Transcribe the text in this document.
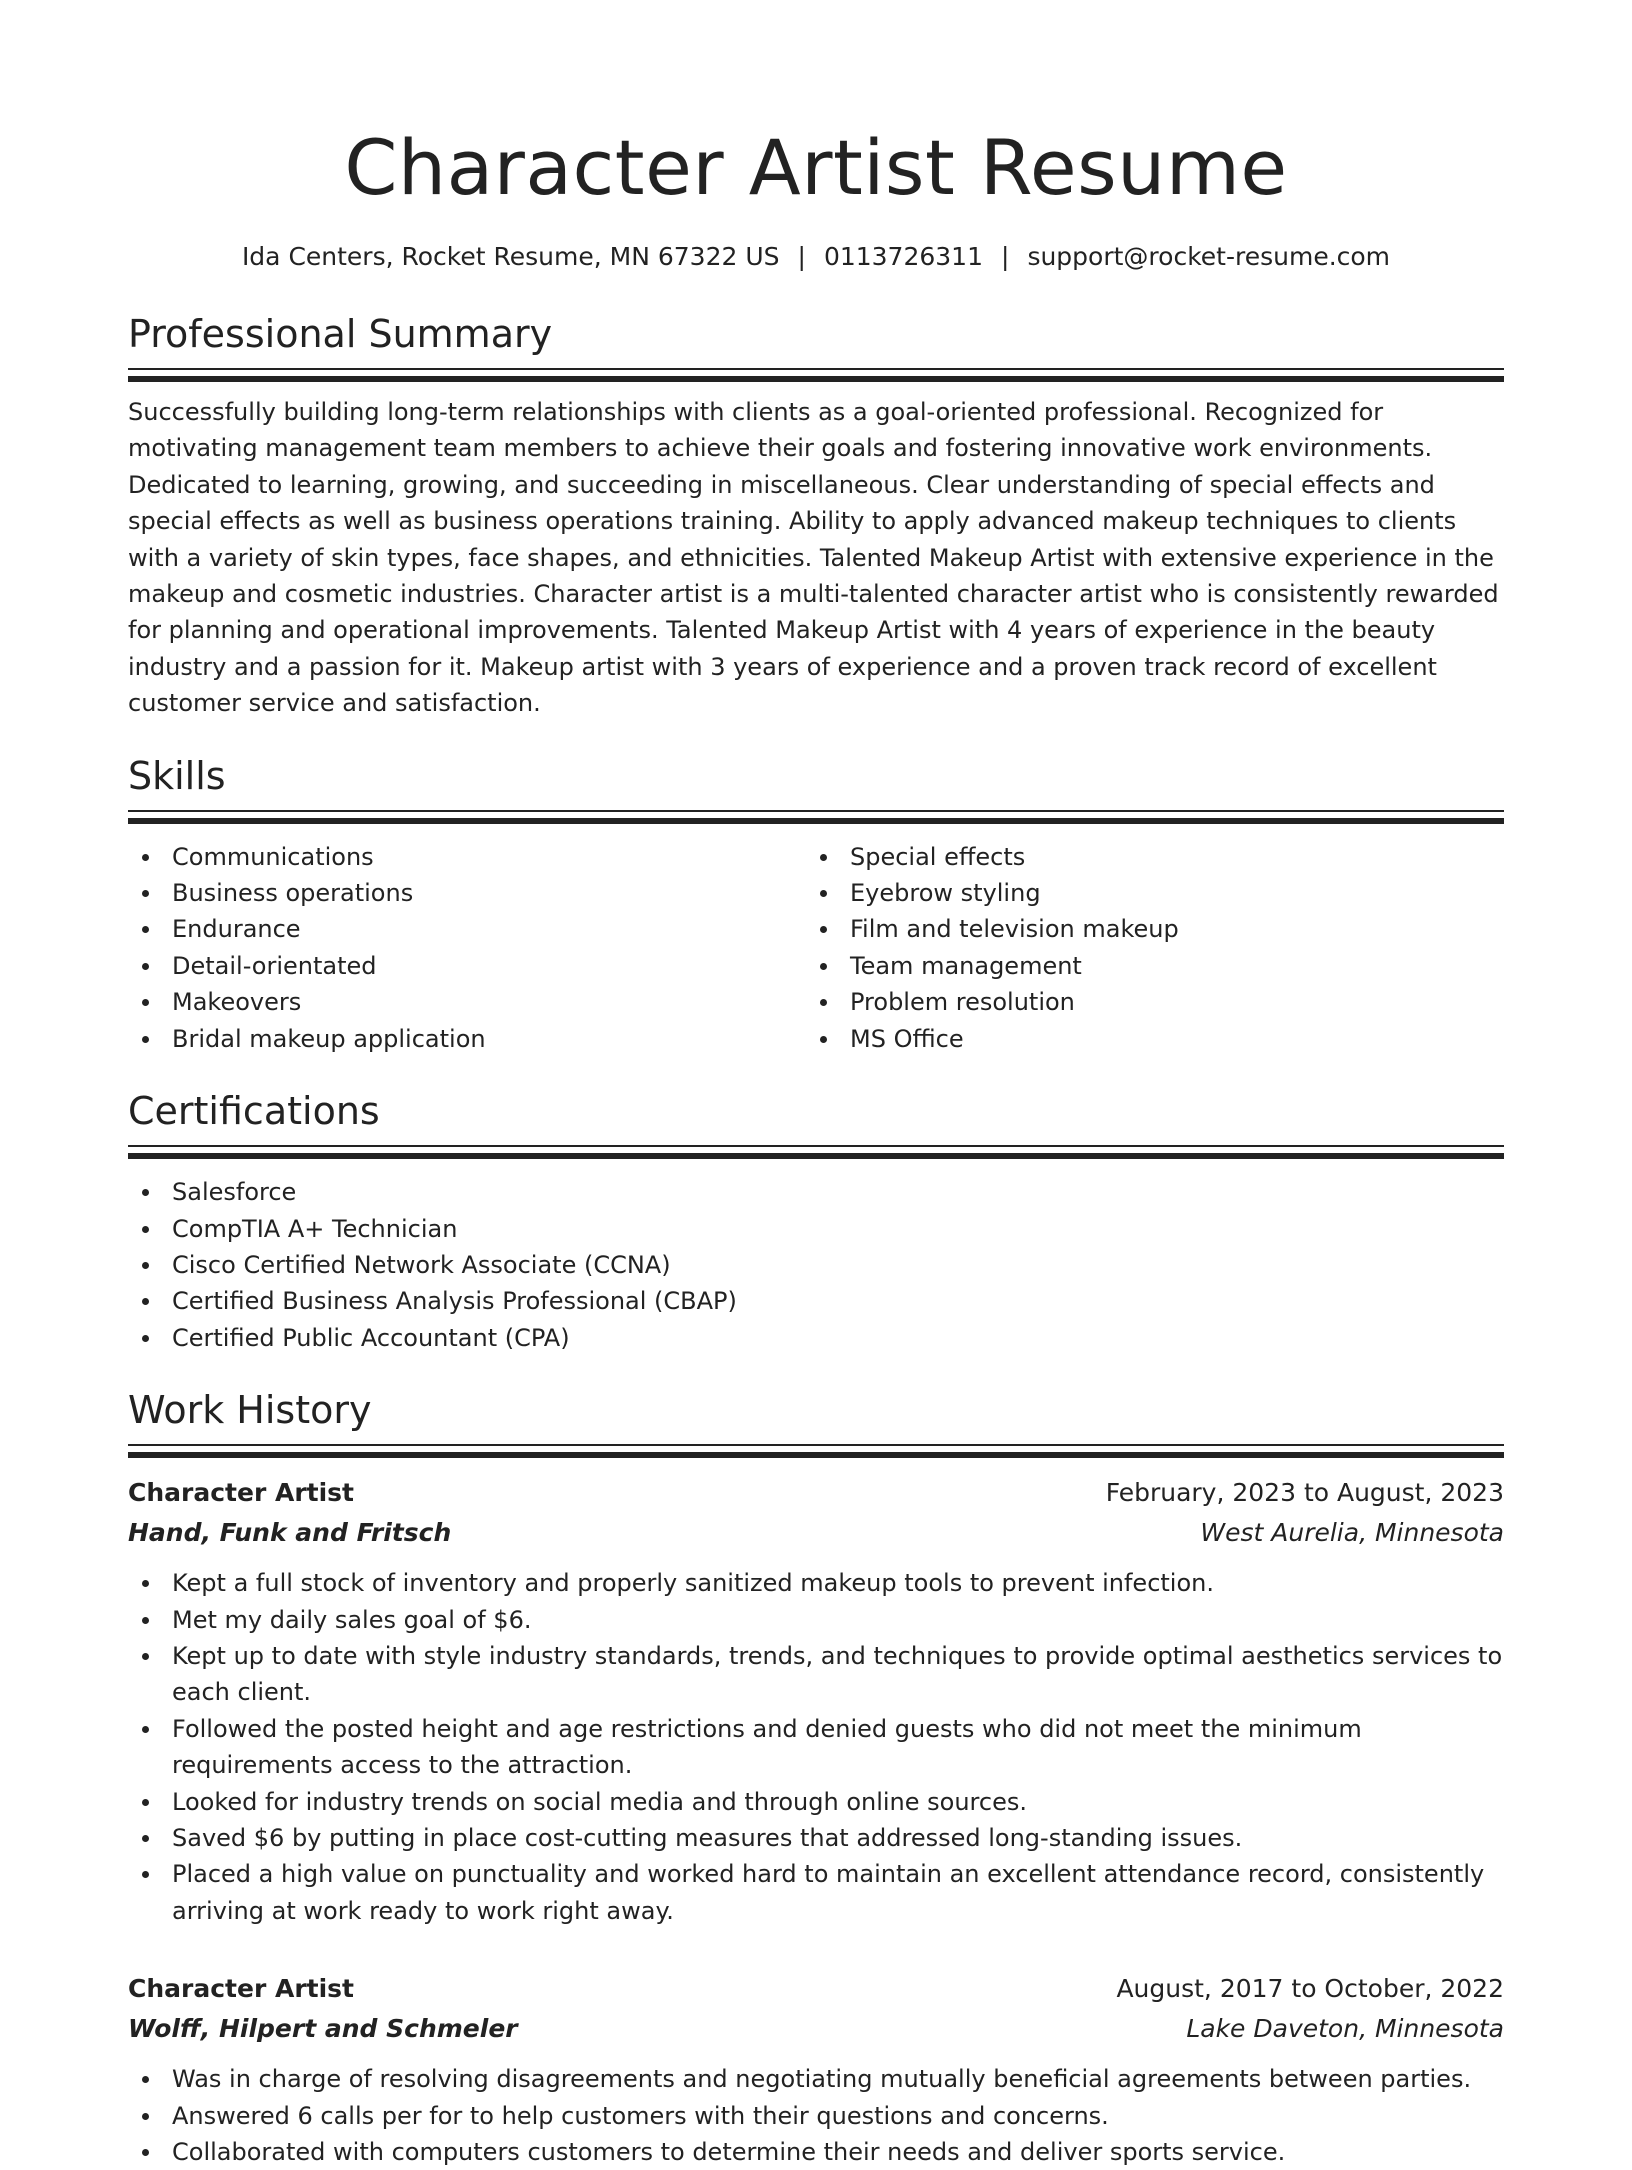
Character Artist Resume
Ida Centers, Rocket Resume, MN 67322 US | 0113726311 | support@rocket-resume.com
Professional Summary

Successfully building long-term relationships with clients as a goal-oriented professional. Recognized for motivating management team members to achieve their goals and fostering innovative work environments. Dedicated to learning, growing, and succeeding in miscellaneous. Clear understanding of special effects and special effects as well as business operations training. Ability to apply advanced makeup techniques to clients with a variety of skin types, face shapes, and ethnicities. Talented Makeup Artist with extensive experience in the makeup and cosmetic industries. Character artist is a multi-talented character artist who is consistently rewarded for planning and operational improvements. Talented Makeup Artist with 4 years of experience in the beauty industry and a passion for it. Makeup artist with 3 years of experience and a proven track record of excellent customer service and satisfaction.

Skills
Communications
Business operations
Endurance
Detail-orientated
Makeovers
Bridal makeup application
Special effects
Eyebrow styling
Film and television makeup
Team management
Problem resolution
MS Office
Certifications
Salesforce
CompTIA A+ Technician
Cisco Certified Network Associate (CCNA)
Certified Business Analysis Professional (CBAP)
Certified Public Accountant (CPA)
Work History
Character Artist	February, 2023 to August, 2023
Hand, Funk and Fritsch	West Aurelia, Minnesota
Kept a full stock of inventory and properly sanitized makeup tools to prevent infection.
Met my daily sales goal of $6.
Kept up to date with style industry standards, trends, and techniques to provide optimal aesthetics services to each client.
Followed the posted height and age restrictions and denied guests who did not meet the minimum requirements access to the attraction.
Looked for industry trends on social media and through online sources.
Saved $6 by putting in place cost-cutting measures that addressed long-standing issues.
Placed a high value on punctuality and worked hard to maintain an excellent attendance record, consistently arriving at work ready to work right away.
Character Artist	August, 2017 to October, 2022
Wolff, Hilpert and Schmeler	Lake Daveton, Minnesota
Was in charge of resolving disagreements and negotiating mutually beneficial agreements between parties.
Answered 6 calls per for to help customers with their questions and concerns.
Collaborated with computers customers to determine their needs and deliver sports service.
